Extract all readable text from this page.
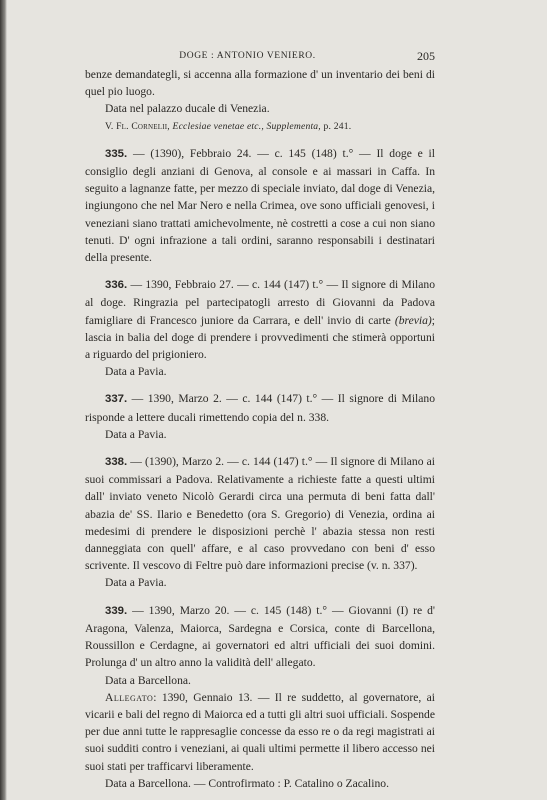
DOGE : ANTONIO VENIERO.	205

benze demandategli, si accenna alla formazione d' un inventario dei beni di quel pio luogo.

Data nel palazzo ducale di Venezia.

V. Fl. Cornelii, Ecclesiae venetae etc., Supplementa, p. 241.

335. — (1390), Febbraio 24. — c. 145 (148) t.° — Il doge e il consiglio degli anziani di Genova, al console e ai massari in Caffa. In seguito a lagnanze fatte, per mezzo di speciale inviato, dal doge di Venezia, ingiungono che nel Mar Nero e nella Crimea, ove sono ufficiali genovesi, i veneziani siano trattati amichevolmente, nè costretti a cose a cui non siano tenuti. D' ogni infrazione a tali ordini, saranno responsabili i destinatari della presente.

336. — 1390, Febbraio 27. — c. 144 (147) t.° — Il signore di Milano al doge. Ringrazia pel partecipatogli arresto di Giovanni da Padova famigliare di Francesco juniore da Carrara, e dell' invio di carte (brevia); lascia in balia del doge di prendere i provvedimenti che stimerà opportuni a riguardo del prigioniero.

Data a Pavia.

337. — 1390, Marzo 2. — c. 144 (147) t.° — Il signore di Milano risponde a lettere ducali rimettendo copia del n. 338.

Data a Pavia.

338. — (1390), Marzo 2. — c. 144 (147) t.° — Il signore di Milano ai suoi commissari a Padova. Relativamente a richieste fatte a questi ultimi dall' inviato veneto Nicolò Gerardi circa una permuta di beni fatta dall' abazia de' SS. Ilario e Benedetto (ora S. Gregorio) di Venezia, ordina ai medesimi di prendere le disposizioni perchè l' abazia stessa non resti danneggiata con quell' affare, e al caso provvedano con beni d' esso scrivente. Il vescovo di Feltre può dare informazioni precise (v. n. 337).

Data a Pavia.

339. — 1390, Marzo 20. — c. 145 (148) t.° — Giovanni (I) re d' Aragona, Valenza, Maiorca, Sardegna e Corsica, conte di Barcellona, Roussillon e Cerdagne, ai governatori ed altri ufficiali dei suoi domini. Prolunga d' un altro anno la validità dell' allegato.

Data a Barcellona.

Allegato: 1390, Gennaio 13. — Il re suddetto, al governatore, ai vicarii e bali del regno di Maiorca ed a tutti gli altri suoi ufficiali. Sospende per due anni tutte le rappresaglie concesse da esso re o da regi magistrati ai suoi sudditi contro i veneziani, ai quali ultimi permette il libero accesso nei suoi stati per trafficarvi liberamente.

Data a Barcellona. — Controfirmato : P. Catalino o Zacalino.
